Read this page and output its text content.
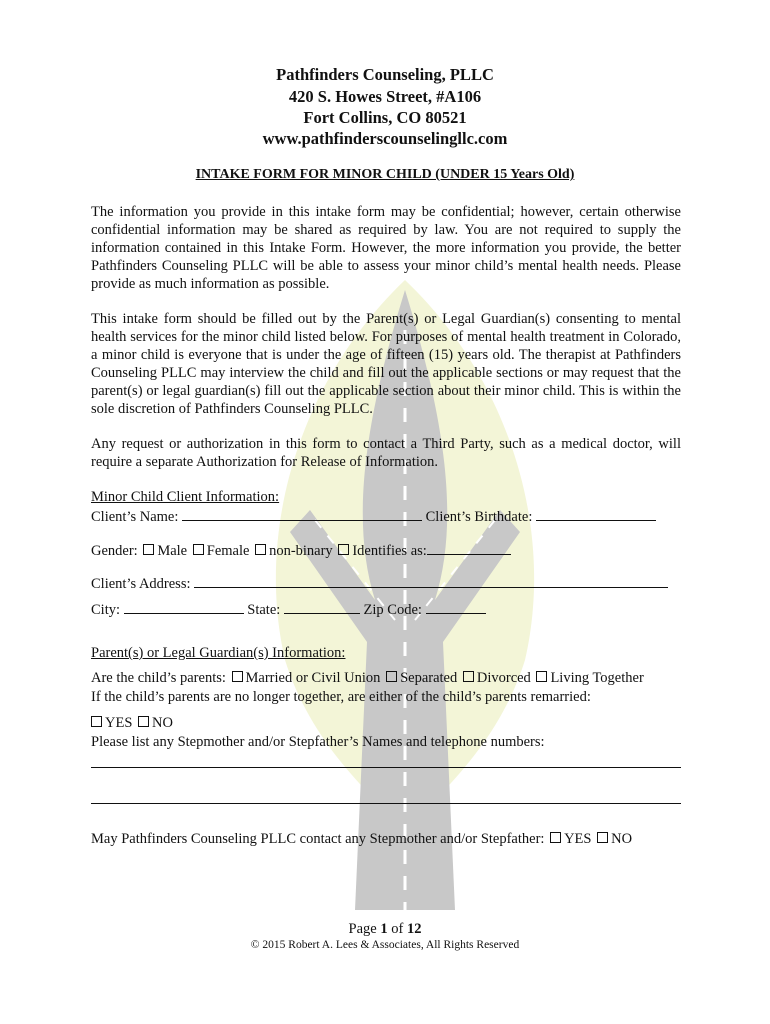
Pathfinders Counseling, PLLC
420 S. Howes Street, #A106
Fort Collins, CO 80521
www.pathfinderscounselingllc.com
INTAKE FORM FOR MINOR CHILD (UNDER 15 Years Old)
The information you provide in this intake form may be confidential; however, certain otherwise confidential information may be shared as required by law. You are not required to supply the information contained in this Intake Form. However, the more information you provide, the better Pathfinders Counseling PLLC will be able to assess your minor child’s mental health needs. Please provide as much information as possible.
This intake form should be filled out by the Parent(s) or Legal Guardian(s) consenting to mental health services for the minor child listed below. For purposes of mental health treatment in Colorado, a minor child is everyone that is under the age of fifteen (15) years old. The therapist at Pathfinders Counseling PLLC may interview the child and fill out the applicable sections or may request that the parent(s) or legal guardian(s) fill out the applicable section about their minor child. This is within the sole discretion of Pathfinders Counseling PLLC.
Any request or authorization in this form to contact a Third Party, such as a medical doctor, will require a separate Authorization for Release of Information.
Minor Child Client Information:
Client’s Name:	Client’s Birthdate:
Gender: Male Female non-binary Identifies as:
Client’s Address:
City:	State:	Zip Code:
Parent(s) or Legal Guardian(s) Information:
Are the child’s parents: Married or Civil Union Separated Divorced Living Together
If the child’s parents are no longer together, are either of the child’s parents remarried:
YES NO
Please list any Stepmother and/or Stepfather’s Names and telephone numbers:
May Pathfinders Counseling PLLC contact any Stepmother and/or Stepfather: YES NO
Page 1 of 12
© 2015 Robert A. Lees & Associates, All Rights Reserved
